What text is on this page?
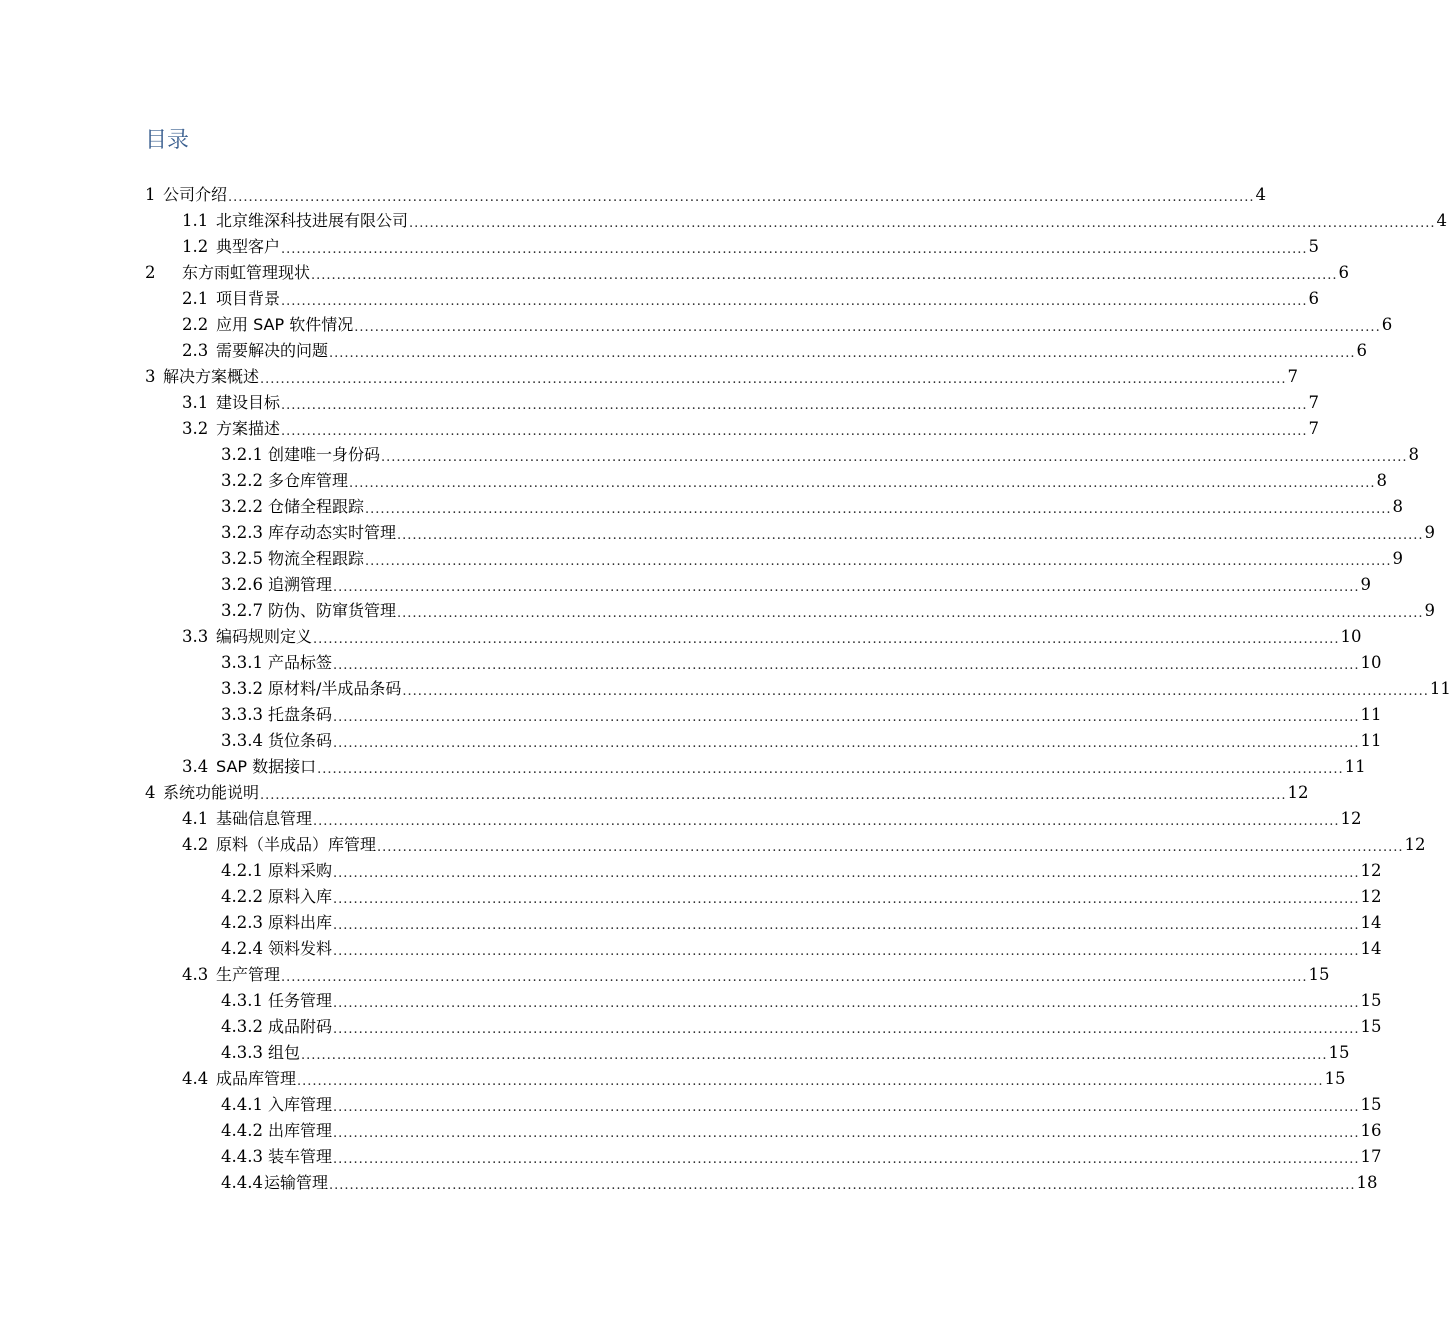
目录
1 公司介绍 ........................................................................................................................................................................................................ 4
1.1 北京维深科技进展有限公司 ........................................................................................................................................................................................................ 4
1.2 典型客户 ........................................................................................................................................................................................................ 5
2 东方雨虹管理现状 ........................................................................................................................................................................................................ 6
2.1 项目背景 ........................................................................................................................................................................................................ 6
2.2 应用 SAP 软件情况 ........................................................................................................................................................................................................ 6
2.3 需要解决的问题 ........................................................................................................................................................................................................ 6
3 解决方案概述 ........................................................................................................................................................................................................ 7
3.1 建设目标 ........................................................................................................................................................................................................ 7
3.2 方案描述 ........................................................................................................................................................................................................ 7
3.2.1 创建唯一身份码 ........................................................................................................................................................................................................ 8
3.2.2 多仓库管理 ........................................................................................................................................................................................................ 8
3.2.2 仓储全程跟踪 ........................................................................................................................................................................................................ 8
3.2.3 库存动态实时管理 ........................................................................................................................................................................................................ 9
3.2.5 物流全程跟踪 ........................................................................................................................................................................................................ 9
3.2.6 追溯管理 ........................................................................................................................................................................................................ 9
3.2.7 防伪、防窜货管理 ........................................................................................................................................................................................................ 9
3.3 编码规则定义 ........................................................................................................................................................................................................ 10
3.3.1 产品标签 ........................................................................................................................................................................................................ 10
3.3.2 原材料/半成品条码 ........................................................................................................................................................................................................ 11
3.3.3 托盘条码 ........................................................................................................................................................................................................ 11
3.3.4 货位条码 ........................................................................................................................................................................................................ 11
3.4 SAP 数据接口 ........................................................................................................................................................................................................ 11
4 系统功能说明 ........................................................................................................................................................................................................ 12
4.1 基础信息管理 ........................................................................................................................................................................................................ 12
4.2 原料（半成品）库管理 ........................................................................................................................................................................................................ 12
4.2.1 原料采购 ........................................................................................................................................................................................................ 12
4.2.2 原料入库 ........................................................................................................................................................................................................ 12
4.2.3 原料出库 ........................................................................................................................................................................................................ 14
4.2.4 领料发料 ........................................................................................................................................................................................................ 14
4.3 生产管理 ........................................................................................................................................................................................................ 15
4.3.1 任务管理 ........................................................................................................................................................................................................ 15
4.3.2 成品附码 ........................................................................................................................................................................................................ 15
4.3.3 组包 ........................................................................................................................................................................................................ 15
4.4 成品库管理 ........................................................................................................................................................................................................ 15
4.4.1 入库管理 ........................................................................................................................................................................................................ 15
4.4.2 出库管理 ........................................................................................................................................................................................................ 16
4.4.3 装车管理 ........................................................................................................................................................................................................ 17
4.4.4 运输管理 ........................................................................................................................................................................................................ 18
